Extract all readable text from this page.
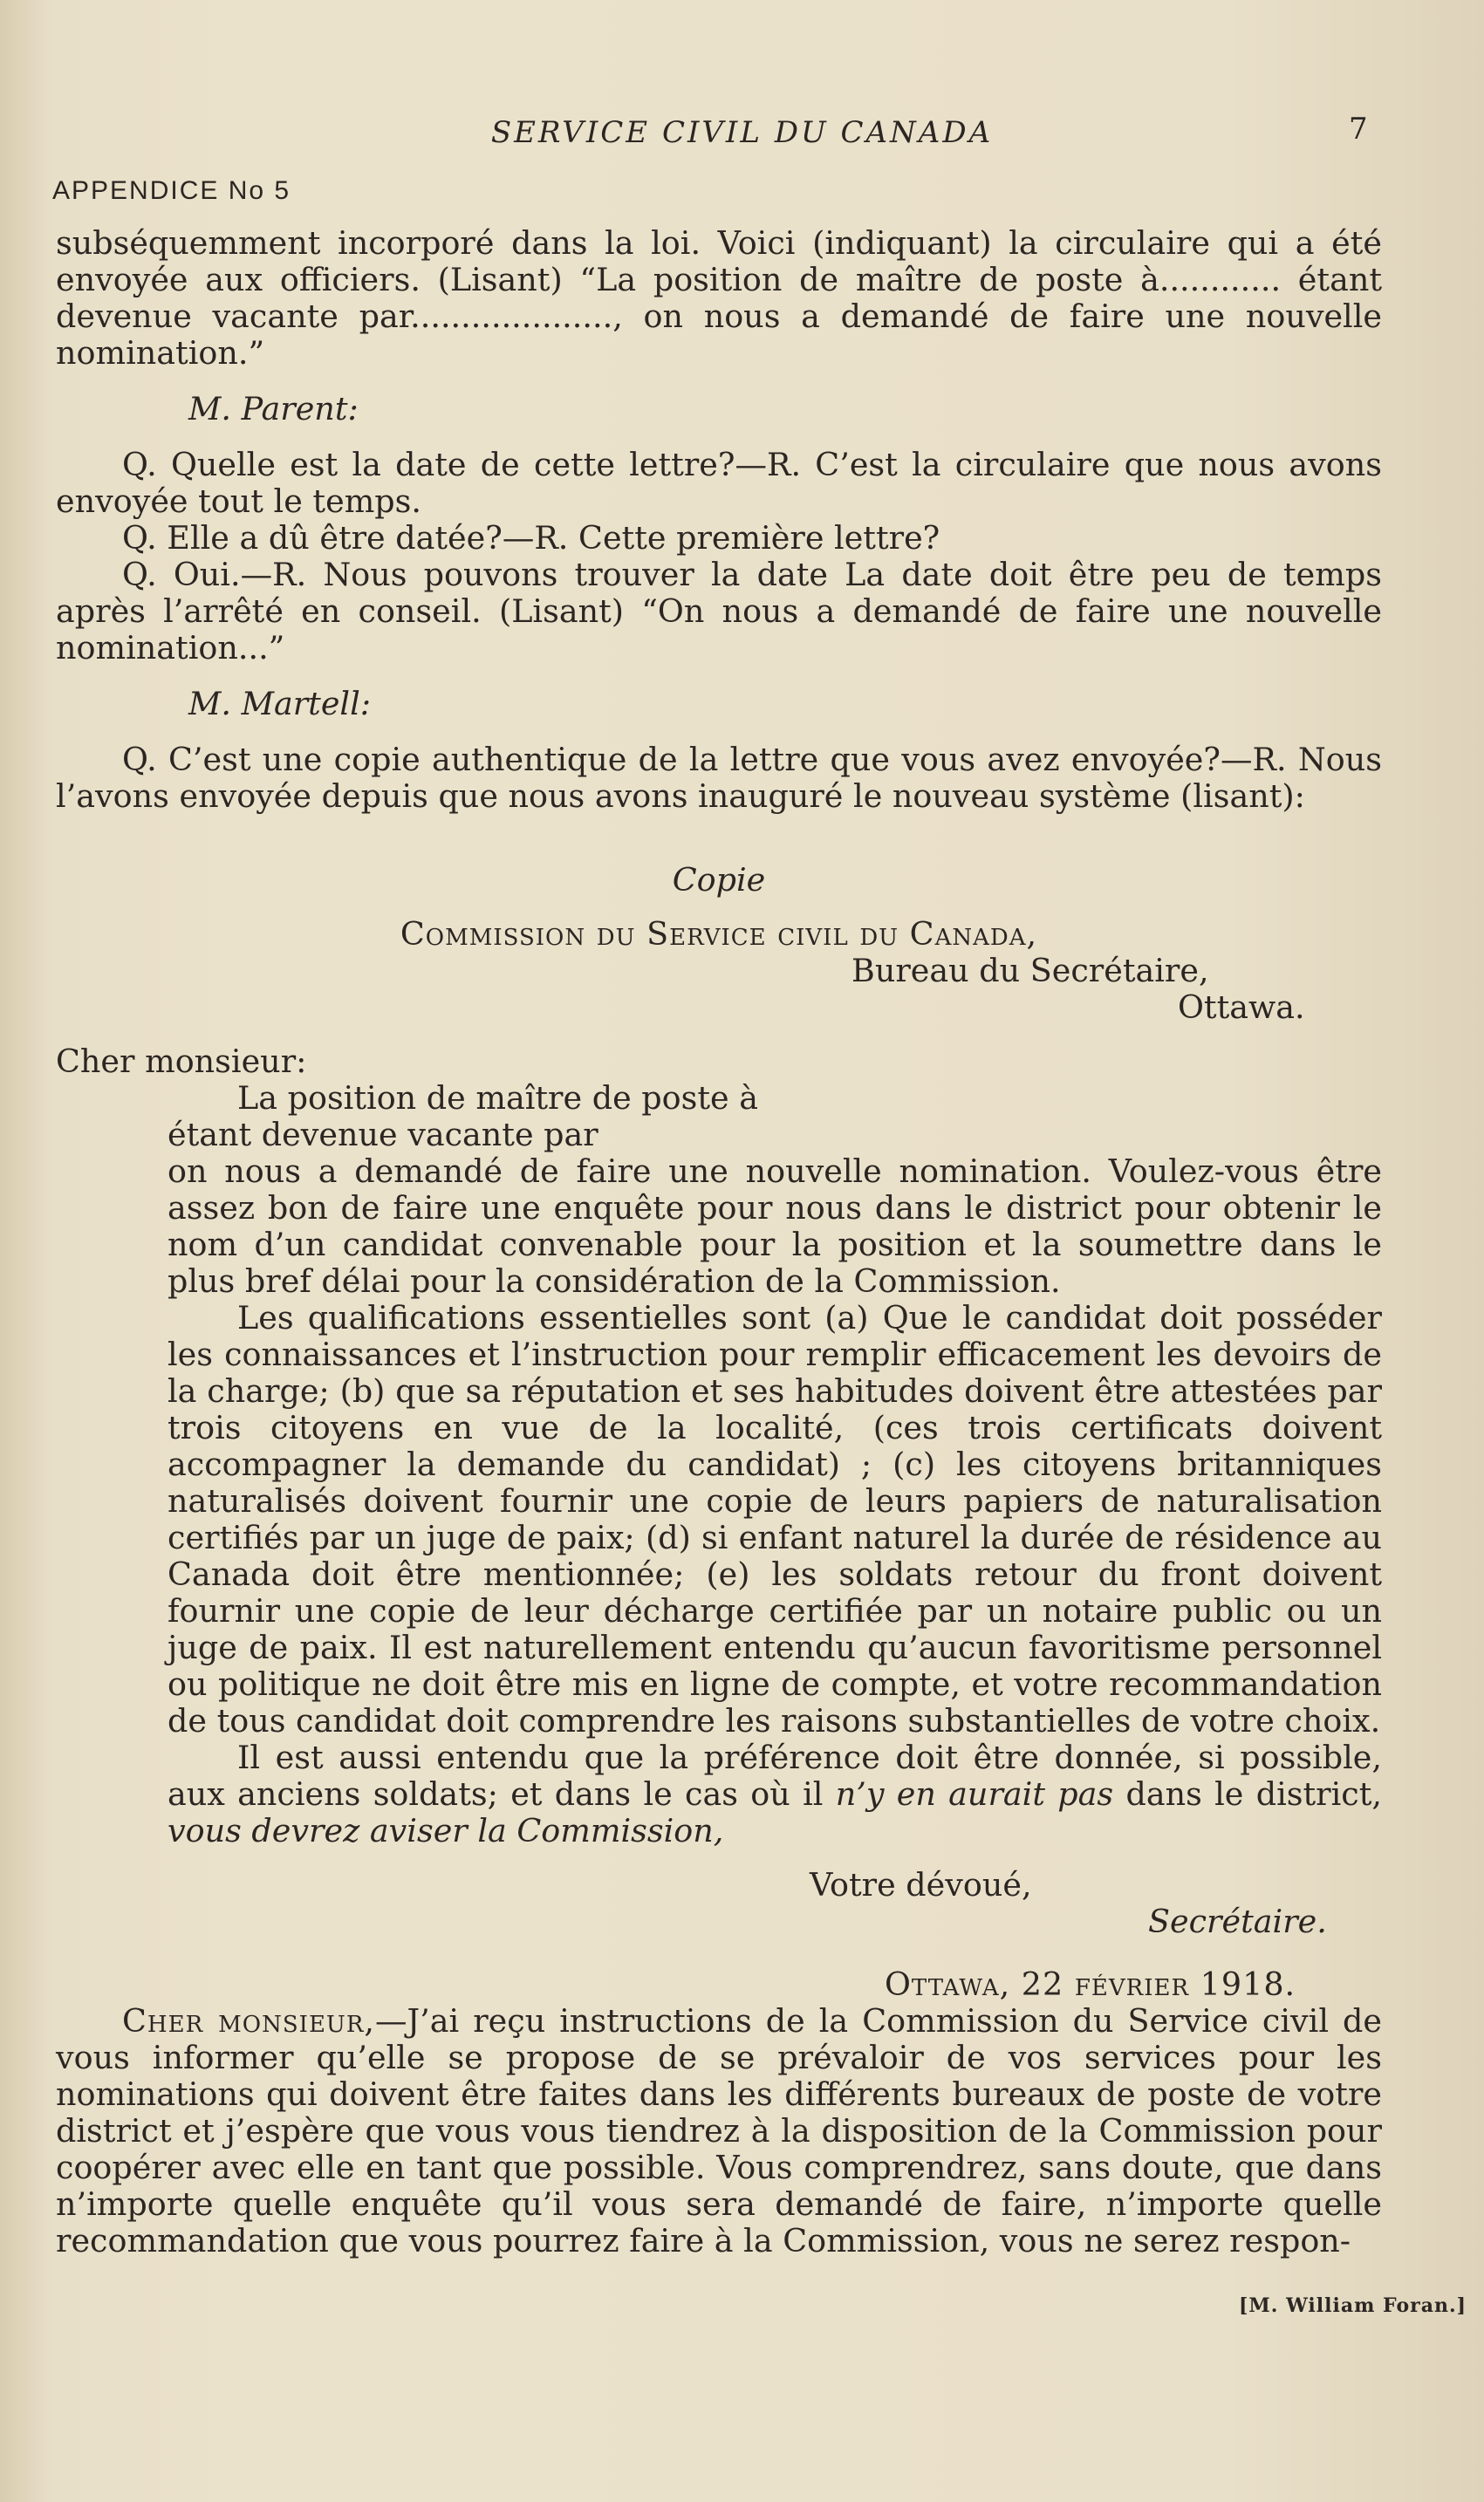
SERVICE CIVIL DU CANADA	7
APPENDICE No 5

subséquemment incorporé dans la loi. Voici (indiquant) la circulaire qui a été envoyée aux officiers. (Lisant) “La position de maître de poste à............ étant devenue vacante par...................., on nous a demandé de faire une nouvelle nomination.”

M. Parent:

Q. Quelle est la date de cette lettre?—R. C’est la circulaire que nous avons envoyée tout le temps.

Q. Elle a dû être datée?—R. Cette première lettre?

Q. Oui.—R. Nous pouvons trouver la date La date doit être peu de temps après l’arrêté en conseil. (Lisant) “On nous a demandé de faire une nouvelle nomination...”

M. Martell:

Q. C’est une copie authentique de la lettre que vous avez envoyée?—R. Nous l’avons envoyée depuis que nous avons inauguré le nouveau système (lisant):

Copie

Commission du Service civil du Canada,

Bureau du Secrétaire,

Ottawa.

Cher monsieur:

La position de maître de poste à

étant devenue vacante par

on nous a demandé de faire une nouvelle nomination. Voulez-vous être assez bon de faire une enquête pour nous dans le district pour obtenir le nom d’un candidat convenable pour la position et la soumettre dans le plus bref délai pour la considération de la Commission.

Les qualifications essentielles sont (a) Que le candidat doit posséder les connaissances et l’instruction pour remplir efficacement les devoirs de la charge; (b) que sa réputation et ses habitudes doivent être attestées par trois citoyens en vue de la localité, (ces trois certificats doivent accompagner la demande du candidat) ; (c) les citoyens britanniques naturalisés doivent fournir une copie de leurs papiers de naturalisation certifiés par un juge de paix; (d) si enfant naturel la durée de résidence au Canada doit être mentionnée; (e) les soldats retour du front doivent fournir une copie de leur décharge certifiée par un notaire public ou un juge de paix. Il est naturellement entendu qu’aucun favoritisme personnel ou politique ne doit être mis en ligne de compte, et votre recommandation de tous candidat doit comprendre les raisons substantielles de votre choix.

Il est aussi entendu que la préférence doit être donnée, si possible, aux anciens soldats; et dans le cas où il n’y en aurait pas dans le district, vous devrez aviser la Commission,

Votre dévoué,

Secrétaire.

Ottawa, 22 février 1918.

Cher monsieur,—J’ai reçu instructions de la Commission du Service civil de vous informer qu’elle se propose de se prévaloir de vos services pour les nominations qui doivent être faites dans les différents bureaux de poste de votre district et j’espère que vous vous tiendrez à la disposition de la Commission pour coopérer avec elle en tant que possible. Vous comprendrez, sans doute, que dans n’importe quelle enquête qu’il vous sera demandé de faire, n’importe quelle recommandation que vous pourrez faire à la Commission, vous ne serez respon-

[M. William Foran.]
